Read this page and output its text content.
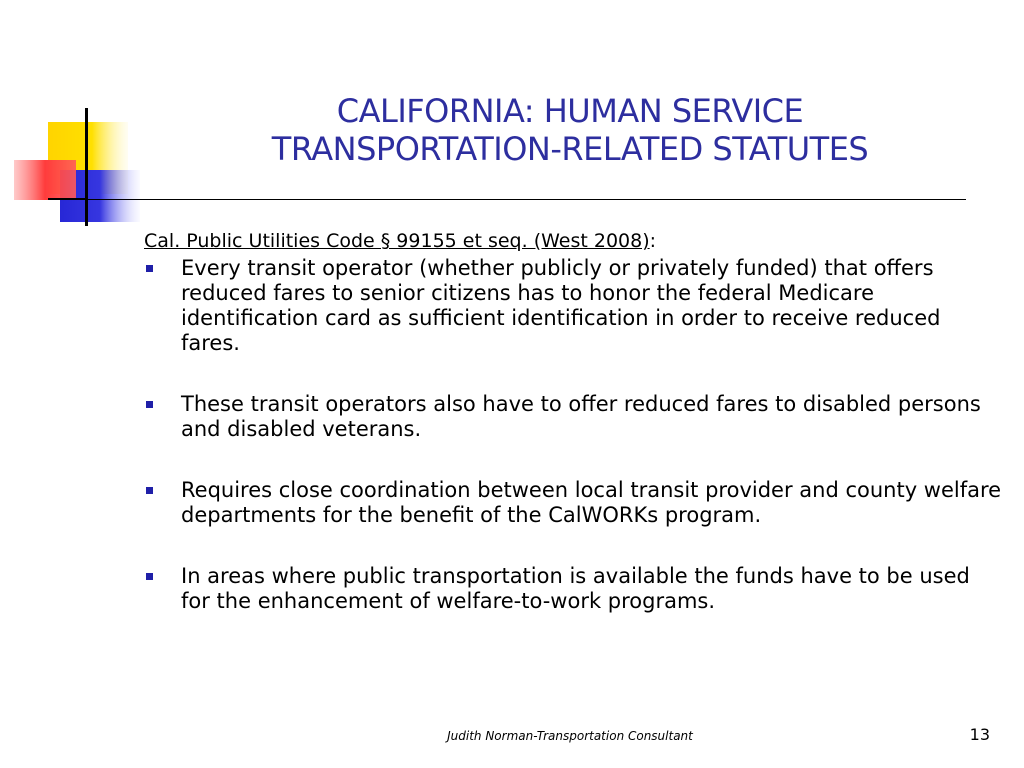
CALIFORNIA: HUMAN SERVICE
TRANSPORTATION-RELATED STATUTES

Cal. Public Utilities Code § 99155 et seq. (West 2008):

Every transit operator (whether publicly or privately funded) that offers reduced fares to senior citizens has to honor the federal Medicare identification card as sufficient identification in order to receive reduced fares.
These transit operators also have to offer reduced fares to disabled persons and disabled veterans.
Requires close coordination between local transit provider and county welfare departments for the benefit of the CalWORKs program.
In areas where public transportation is available the funds have to be used for the enhancement of welfare-to-work programs.
Judith Norman-Transportation Consultant	13
